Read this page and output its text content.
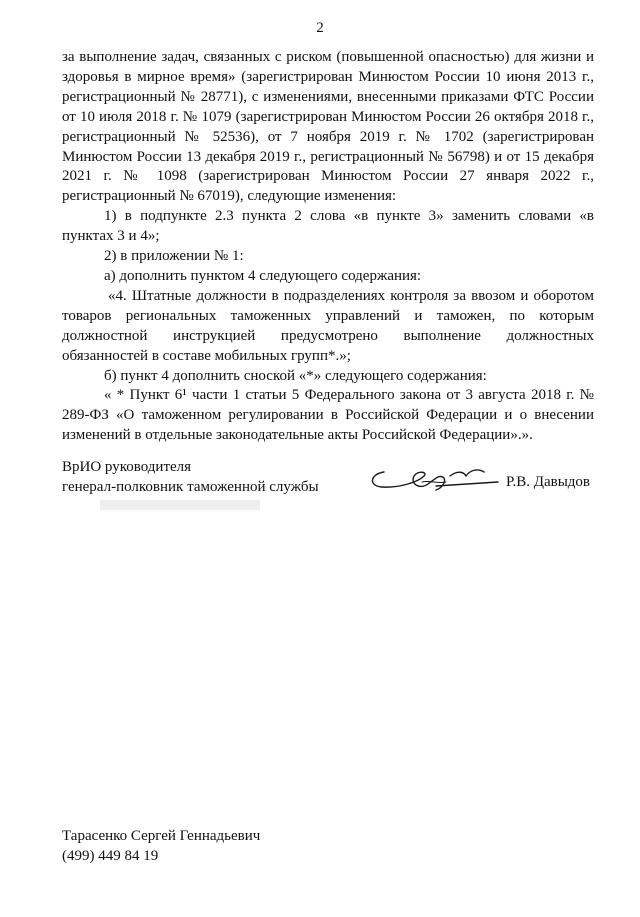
2

за выполнение задач, связанных с риском (повышенной опасностью) для жизни и здоровья в мирное время» (зарегистрирован Минюстом России 10 июня 2013 г., регистрационный № 28771), с изменениями, внесенными приказами ФТС России от 10 июля 2018 г. № 1079 (зарегистрирован Минюстом России 26 октября 2018 г., регистрационный № 52536), от 7 ноября 2019 г. № 1702 (зарегистрирован Минюстом России 13 декабря 2019 г., регистрационный № 56798) и от 15 декабря 2021 г. № 1098 (зарегистрирован Минюстом России 27 января 2022 г., регистрационный № 67019), следующие изменения:

1) в подпункте 2.3 пункта 2 слова «в пункте 3» заменить словами «в пунктах 3 и 4»;

2) в приложении № 1:

а) дополнить пунктом 4 следующего содержания:

«4. Штатные должности в подразделениях контроля за ввозом и оборотом товаров региональных таможенных управлений и таможен, по которым должностной инструкцией предусмотрено выполнение должностных обязанностей в составе мобильных групп*.»;

б) пункт 4 дополнить сноской «*» следующего содержания:

« * Пункт 6¹ части 1 статьи 5 Федерального закона от 3 августа 2018 г. № 289-ФЗ «О таможенном регулировании в Российской Федерации и о внесении изменений в отдельные законодательные акты Российской Федерации».».

ВрИО руководителя
генерал-полковник таможенной службы	Р.В. Давыдов
Тарасенко Сергей Геннадьевич
(499) 449 84 19
